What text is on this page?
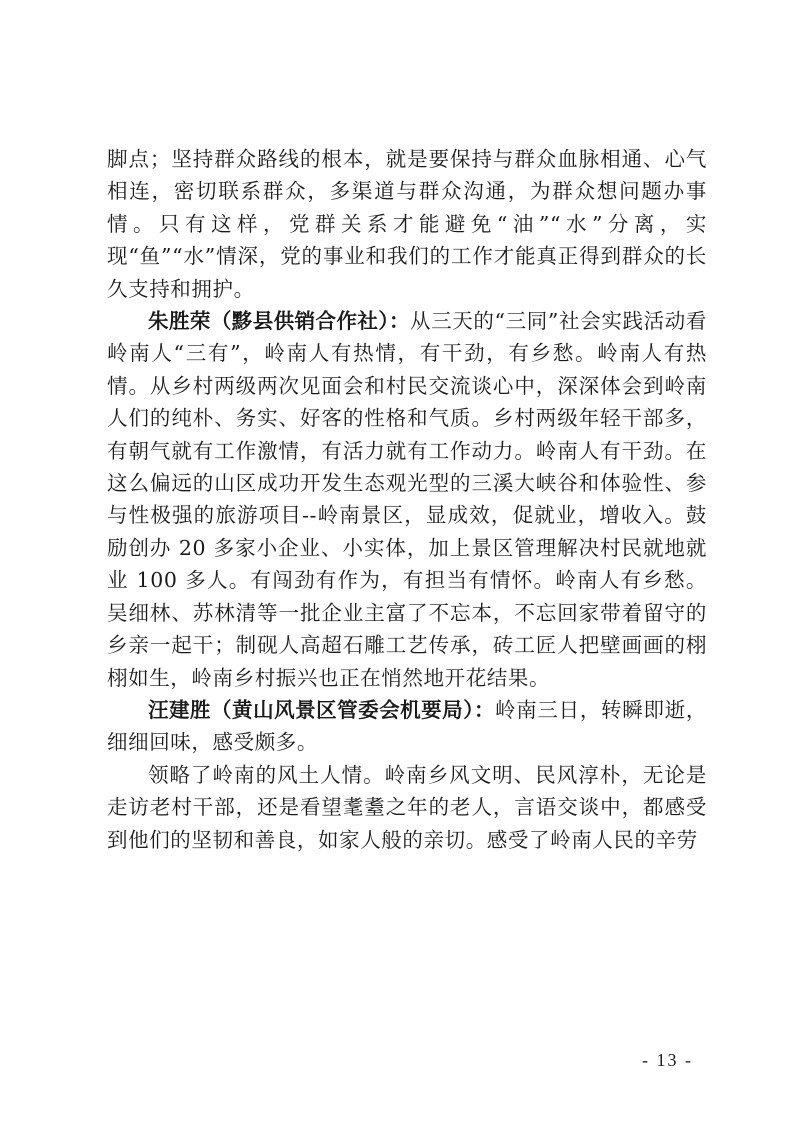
脚点；坚持群众路线的根本，就是要保持与群众血脉相通、心气相连，密切联系群众，多渠道与群众沟通，为群众想问题办事情。只有这样，党群关系才能避免“油”“水”分离，实现“鱼”“水”情深，党的事业和我们的工作才能真正得到群众的长久支持和拥护。

朱胜荣（黟县供销合作社）：从三天的“三同”社会实践活动看岭南人“三有”，岭南人有热情，有干劲，有乡愁。岭南人有热情。从乡村两级两次见面会和村民交流谈心中，深深体会到岭南人们的纯朴、务实、好客的性格和气质。乡村两级年轻干部多，有朝气就有工作激情，有活力就有工作动力。岭南人有干劲。在这么偏远的山区成功开发生态观光型的三溪大峡谷和体验性、参与性极强的旅游项目--岭南景区，显成效，促就业，增收入。鼓励创办 20 多家小企业、小实体，加上景区管理解决村民就地就业 100 多人。有闯劲有作为，有担当有情怀。岭南人有乡愁。吴细林、苏林清等一批企业主富了不忘本，不忘回家带着留守的乡亲一起干；制砚人高超石雕工艺传承，砖工匠人把壁画画的栩栩如生，岭南乡村振兴也正在悄然地开花结果。

汪建胜（黄山风景区管委会机要局）：岭南三日，转瞬即逝，细细回味，感受颇多。

领略了岭南的风土人情。岭南乡风文明、民风淳朴，无论是走访老村干部，还是看望耄耋之年的老人，言语交谈中，都感受到他们的坚韧和善良，如家人般的亲切。感受了岭南人民的辛劳

- 13 -
